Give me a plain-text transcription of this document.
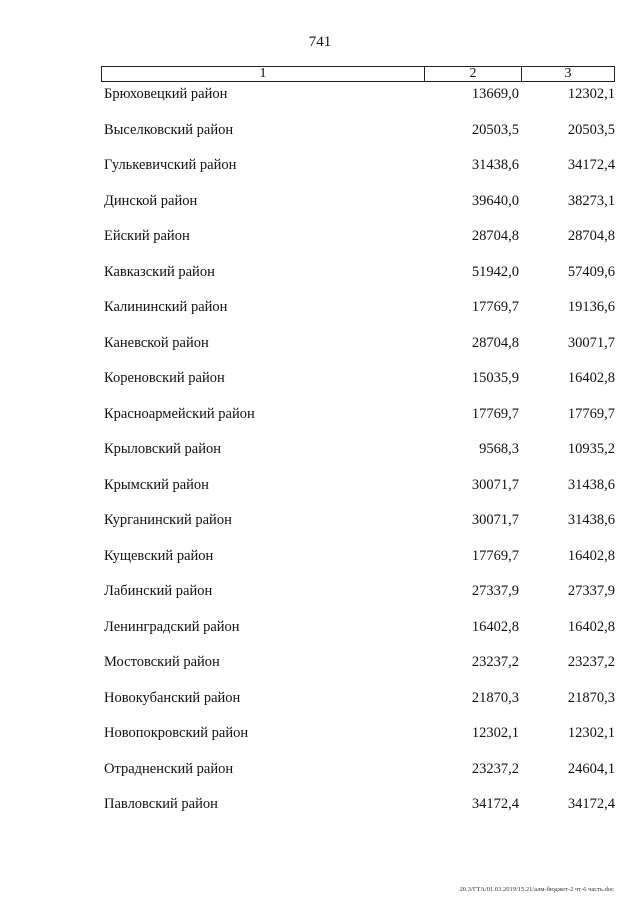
741
1	2	3
Брюховецкий район	13669,0	12302,1
Выселковский район	20503,5	20503,5
Гулькевичский район	31438,6	34172,4
Динской район	39640,0	38273,1
Ейский район	28704,8	28704,8
Кавказский район	51942,0	57409,6
Калининский район	17769,7	19136,6
Каневской район	28704,8	30071,7
Кореновский район	15035,9	16402,8
Красноармейский район	17769,7	17769,7
Крыловский район	9568,3	10935,2
Крымский район	30071,7	31438,6
Курганинский район	30071,7	31438,6
Кущевский район	17769,7	16402,8
Лабинский район	27337,9	27337,9
Ленинградский район	16402,8	16402,8
Мостовский район	23237,2	23237,2
Новокубанский район	21870,3	21870,3
Новопокровский район	12302,1	12302,1
Отрадненский район	23237,2	24604,1
Павловский район	34172,4	34172,4
20.3/ГТА/01.03.2019/15.21/алм-бюджет-2 чт-6 часть.doc
